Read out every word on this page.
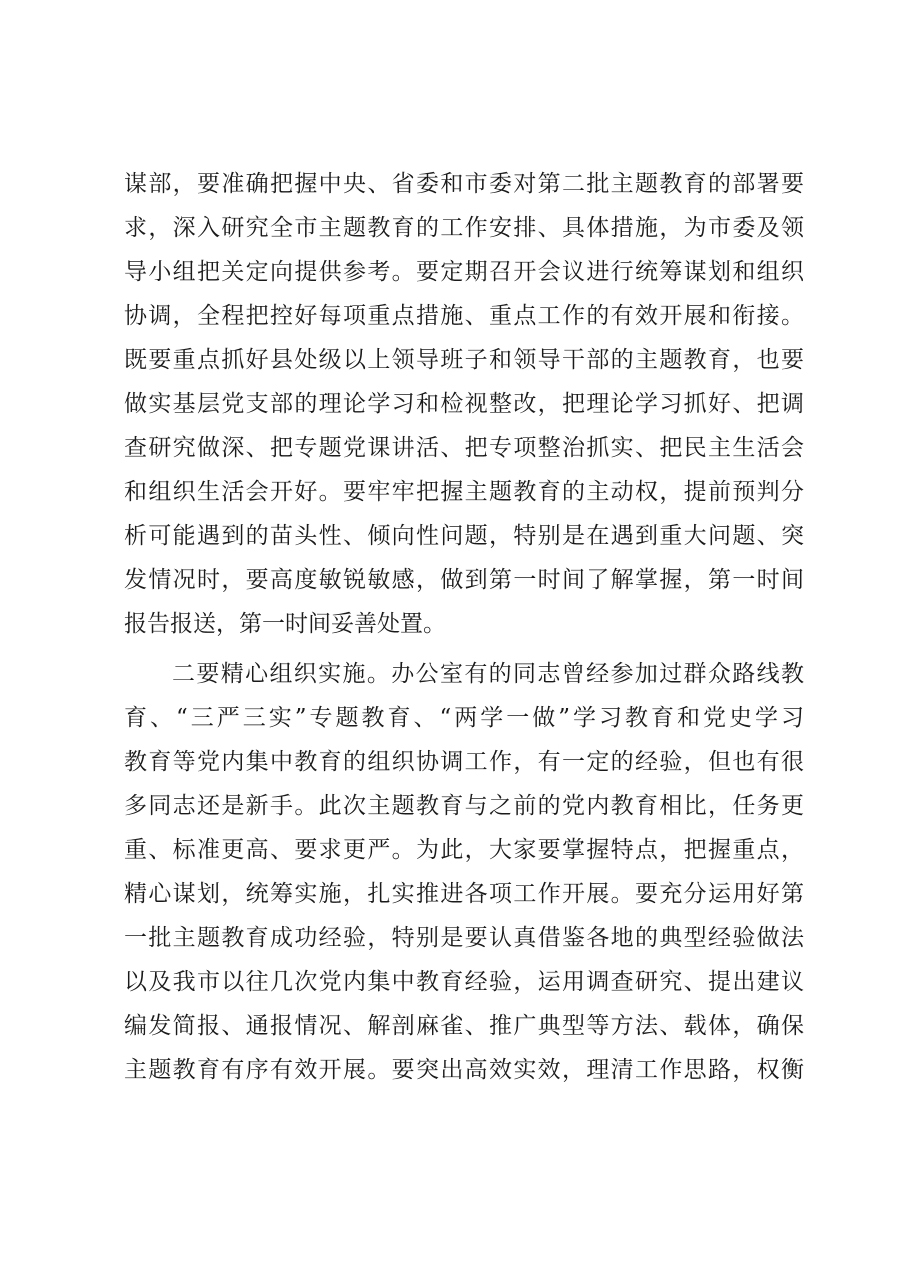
谋部，要准确把握中央、省委和市委对第二批主题教育的部署要
求，深入研究全市主题教育的工作安排、具体措施，为市委及领
导小组把关定向提供参考。要定期召开会议进行统筹谋划和组织
协调，全程把控好每项重点措施、重点工作的有效开展和衔接。
既要重点抓好县处级以上领导班子和领导干部的主题教育，也要
做实基层党支部的理论学习和检视整改，把理论学习抓好、把调
查研究做深、把专题党课讲活、把专项整治抓实、把民主生活会
和组织生活会开好。要牢牢把握主题教育的主动权，提前预判分
析可能遇到的苗头性、倾向性问题，特别是在遇到重大问题、突
发情况时，要高度敏锐敏感，做到第一时间了解掌握，第一时间
报告报送，第一时间妥善处置。
二要精心组织实施。办公室有的同志曾经参加过群众路线教
育、“三严三实”专题教育、“两学一做”学习教育和党史学习
教育等党内集中教育的组织协调工作，有一定的经验，但也有很
多同志还是新手。此次主题教育与之前的党内教育相比，任务更
重、标准更高、要求更严。为此，大家要掌握特点，把握重点，
精心谋划，统筹实施，扎实推进各项工作开展。要充分运用好第
一批主题教育成功经验，特别是要认真借鉴各地的典型经验做法
以及我市以往几次党内集中教育经验，运用调查研究、提出建议
编发简报、通报情况、解剖麻雀、推广典型等方法、载体，确保
主题教育有序有效开展。要突出高效实效，理清工作思路，权衡
